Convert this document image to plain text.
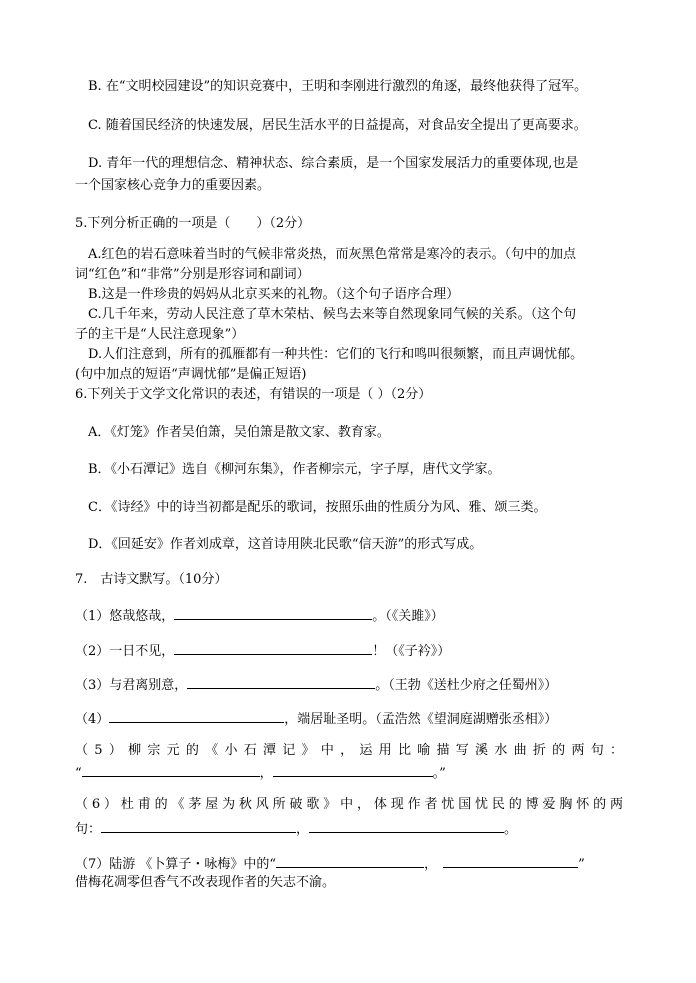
B. 在“文明校园建设”的知识竞赛中，王明和李刚进行激烈的角逐，最终他获得了冠军。
C. 随着国民经济的快速发展，居民生活水平的日益提高，对食品安全提出了更高要求。
D. 青年一代的理想信念、精神状态、综合素质，是一个国家发展活力的重要体现,也是
一个国家核心竞争力的重要因素。
5.下列分析正确的一项是（　　）（2分）
A.红色的岩石意味着当时的气候非常炎热，而灰黑色常常是寒冷的表示。（句中的加点
词“红色”和“非常”分别是形容词和副词）
B.这是一件珍贵的妈妈从北京买来的礼物。（这个句子语序合理）
C.几千年来，劳动人民注意了草木荣枯、候鸟去来等自然现象同气候的关系。（这个句
子的主干是“人民注意现象”）
D.人们注意到，所有的孤雁都有一种共性：它们的飞行和鸣叫很频繁，而且声调忧郁。
(句中加点的短语“声调忧郁”是偏正短语)
6.下列关于文学文化常识的表述，有错误的一项是（ ）（2分）
A．《灯笼》作者吴伯箫，吴伯箫是散文家、教育家。
B．《小石潭记》选自《柳河东集》，作者柳宗元，字子厚，唐代文学家。
C．《诗经》中的诗当初都是配乐的歌词，按照乐曲的性质分为风、雅、颂三类。
D．《回延安》作者刘成章，这首诗用陕北民歌“信天游”的形式写成。
7.　古诗文默写。（10分）
（1）悠哉悠哉，	。（《关雎》）
（2）一日不见，	！（《子衿》）
（3）与君离别意，	。（王勃《送杜少府之任蜀州》）
（4）	，端居耻圣明。（孟浩然《望洞庭湖赠张丞相》）
（5）柳宗元的《小石潭记》中，运用比喻描写溪水曲折的两句：
“	，	。”
（6）杜甫的《茅屋为秋风所破歌》中，体现作者忧国忧民的博爱胸怀的两
句：	，	。
（7）陆游 《卜算子・咏梅》中的“	，	”
借梅花凋零但香气不改表现作者的矢志不渝。
